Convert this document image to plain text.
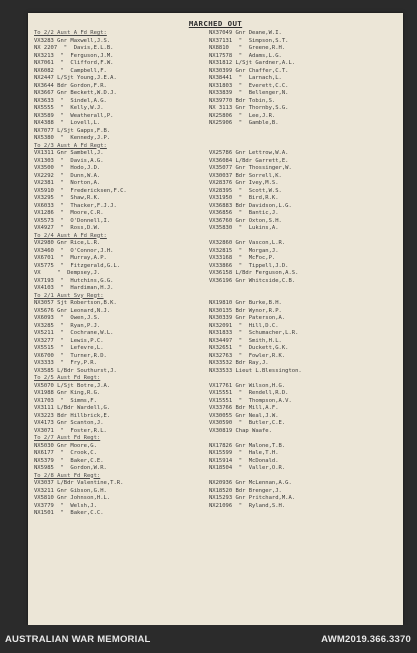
MARCHED OUT
To 2/2 Aust A Fd Regt:
VX3283 Gnr Maxwell,J.S.
NX 2207  "  Davis,E.L.B.
NX3213  "  Ferguson,J.M.
NX7061  "  Clifford,F.W.
NX6082  "  Campbell,F.
NX2447 L/Sjt Young,J.E.A.
NX3644 Bdr Gordon,F.R.
NX3667 Gnr Beckett,W.D.J.
NX3633  "  Sindel,A.G.
NX5555  "  Kelly,W.J.
NX3589  "  Weatherall,P.
NX4388  "  Lovell,L.
NX7077 L/Sjt Gapps,F.B.
NX5380  "  Kennedy,J.P.
To 2/3 Aust A Fd Regt:
VX1311 Gnr Sambell,J.
VX1303  "  Davis,A.G.
VX3500  "  Hodo,J.D.
VX2292  "  Dunn,W.A.
VX2381  "  Norton,A.
VX5910  "  Fredericksen,F.C.
VX3295  "  Shaw,R.K.
VX6033  "  Thacker,F.J.J.
VX1286  "  Moore,C.R.
VX5573  "  O'Donnell,I.
VX4927  "  Ross,D.W.
To 2/4 Aust A Fd Regt:
VX2980 Gnr Rice,L.R.
VX3460  "  O'Connor,J.H.
VX6701  "  Murray,A.P.
VX5775  "  Fitzgerald,G.L.
VX     "  Dempsey,J.
VX7193  "  Hutchins,G.G.
VX4103  "  Hardiman,H.J.
To 2/1 Aust Svy Regt:
NX3057 Sjt Robertson,B.K.
VX5676 Gnr Leonard,N.J.
VX6093  "  Owen,J.S.
VX3285  "  Ryan,P.J.
VX5211  "  Cochrane,W.L.
VX3277  "  Lewis,P.C.
VX5515  "  Lefevre,L.
VX6700  "  Turner,R.D.
VX3333  "  Fry,P.R.
VX3585 L/Bdr Southurst,J.
To 2/5 Aust Fd Regt:
VX5070 L/Sjt Botre,J.A.
VX1988 Gnr King,R.G.
VX1703  "  Simms,F.
VX3111 L/Bdr Wardell,G.
VX3223 Bdr Hillbrick,E.
VX4173 Gnr Scanton,J.
VX3071  "  Foster,R.L.
To 2/7 Aust Fd Regt:
NX5030 Gnr Moore,G.
NX6177  "  Crook,C.
NX5379  "  Baker,C.E.
NX5985  "  Gordon,W.R.
To 2/8 Aust Fd Regt:
VX3037 L/Bdr Valentine,T.R.
VX3211 Gnr Gibson,G.H.
VX5810 Gnr Johnson,H.L.
VX3779  "  Welsh,J.
NX1501  "  Baker,C.C.
NX37049 Gnr Deane,W.I.
NX37131  "  Simpson,S.T.
NX8810   "  Greene,R.H.
NX17578  "  Adams,L.G.
NX31812 L/Sjt Gardner,A.L.
NX30399 Gnr Chaffer,C.T.
NX38441  "  Larnach,L.
NX31803  "  Everett,C.C.
NX33839  "  Bellenger,N.
NX39770 Bdr Tobin,S.
NX 3113 Gnr Thornby,S.G.
NX25806  "  Lee,J.R.
NX25906  "  Gamble,B.
VX25786 Gnr Lettrow,W.A.
VX36084 L/Bdr Garrett,E.
VX35077 Gnr Thossinger,W.
VX30037 Bdr Sorrell,K.
VX28376 Gnr Ivey,M.S.
VX28395  "  Scott,W.S.
VX31950  "  Bird,R.K.
VX36883 Bdr Davidson,L.G.
VX36856  "  Bantic,J.
VX36760 Gnr Oxton,S.H.
VX35830  "  Lukins,A.
VX32860 Gnr Vascon,L.R.
VX32815  "  Morgan,J.
VX33168  "  McFoc,P.
VX33866  "  Tippell,J.D.
VX36158 L/Bdr Ferguson,A.S.
VX36196 Gnr Whitcside,C.B.
NX19810 Gnr Burke,B.H.
NX30135 Bdr Wynor,R.P.
NX30339 Gnr Paterson,A.
NX32091  "  Hill,D.C.
NX31833  "  Schumacher,L.R.
NX34497  "  Smith,H.L.
NX32651  "  Duckett,G.K.
NX32763  "  Fowler,R.K.
NX33532 Bdr Ray,J.
NX33533 Lieut L.Blessington.
VX17761 Gnr Wilson,H.G.
VX15551  "  Rendell,R.D.
VX15551  "  Thompson,A.V.
VX33766 Bdr Mill,A.F.
VX30055 Gnr Neal,J.W.
VX30590  "  Butler,C.E.
VX30819 Chap Waafe.
NX17826 Gnr Malone,T.B.
NX15599  "  Hale,T.H.
NX15914  "  McDonald.
NX18504  "  Valler,O.R.
NX20936 Gnr McLennan,A.G.
NX18520 Bdr Brenger,J.
NX15293 Gnr Pritchard,M.A.
NX21096  "  Ryland,S.H.
AUSTRALIAN WAR MEMORIAL	AWM2019.366.3370
